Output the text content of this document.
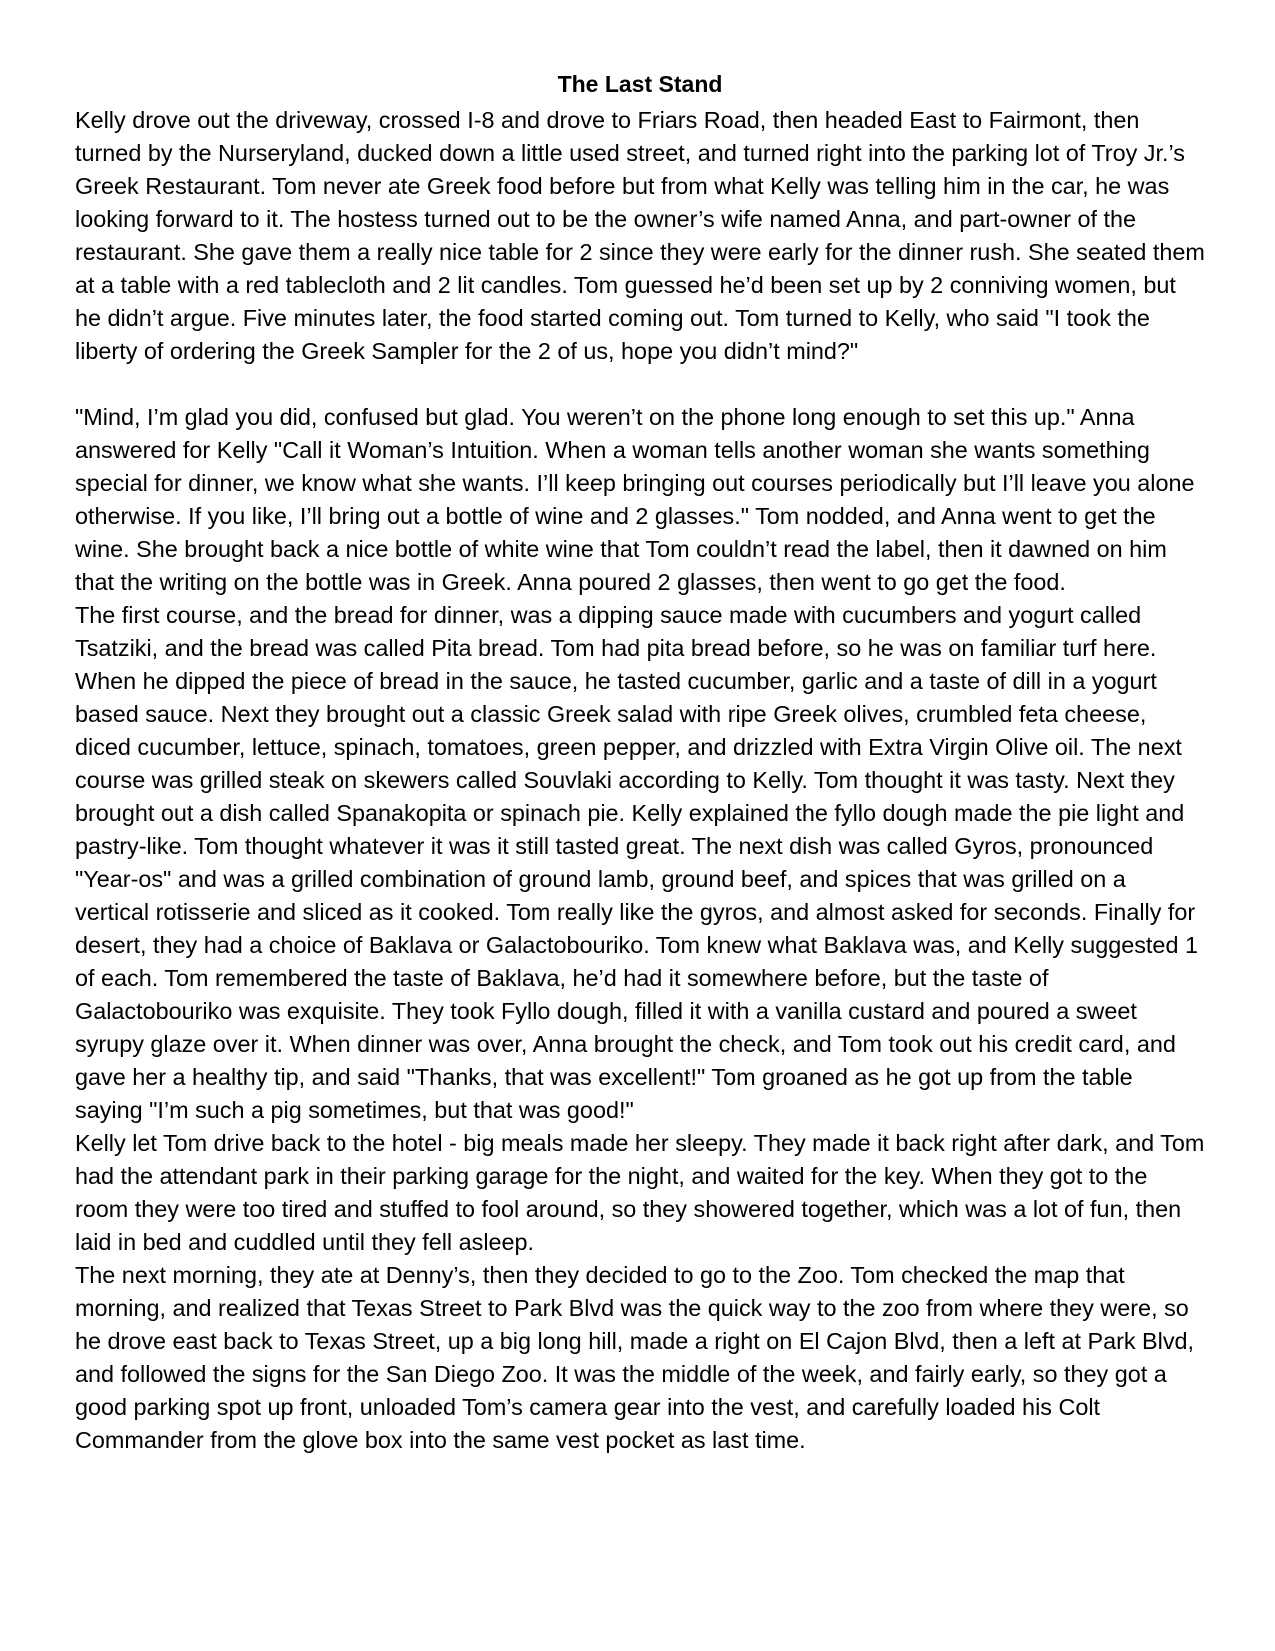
The Last Stand

Kelly drove out the driveway, crossed I-8 and drove to Friars Road, then headed East to Fairmont, then turned by the Nurseryland, ducked down a little used street, and turned right into the parking lot of Troy Jr.’s Greek Restaurant. Tom never ate Greek food before but from what Kelly was telling him in the car, he was looking forward to it. The hostess turned out to be the owner’s wife named Anna, and part-owner of the restaurant. She gave them a really nice table for 2 since they were early for the dinner rush. She seated them at a table with a red tablecloth and 2 lit candles. Tom guessed he’d been set up by 2 conniving women, but he didn’t argue. Five minutes later, the food started coming out. Tom turned to Kelly, who said "I took the liberty of ordering the Greek Sampler for the 2 of us, hope you didn’t mind?"

"Mind, I’m glad you did, confused but glad. You weren’t on the phone long enough to set this up." Anna answered for Kelly "Call it Woman’s Intuition. When a woman tells another woman she wants something special for dinner, we know what she wants. I’ll keep bringing out courses periodically but I’ll leave you alone otherwise. If you like, I’ll bring out a bottle of wine and 2 glasses." Tom nodded, and Anna went to get the wine. She brought back a nice bottle of white wine that Tom couldn’t read the label, then it dawned on him that the writing on the bottle was in Greek. Anna poured 2 glasses, then went to go get the food.

The first course, and the bread for dinner, was a dipping sauce made with cucumbers and yogurt called Tsatziki, and the bread was called Pita bread. Tom had pita bread before, so he was on familiar turf here. When he dipped the piece of bread in the sauce, he tasted cucumber, garlic and a taste of dill in a yogurt based sauce. Next they brought out a classic Greek salad with ripe Greek olives, crumbled feta cheese, diced cucumber, lettuce, spinach, tomatoes, green pepper, and drizzled with Extra Virgin Olive oil. The next course was grilled steak on skewers called Souvlaki according to Kelly. Tom thought it was tasty. Next they brought out a dish called Spanakopita or spinach pie. Kelly explained the fyllo dough made the pie light and pastry-like. Tom thought whatever it was it still tasted great. The next dish was called Gyros, pronounced "Year-os" and was a grilled combination of ground lamb, ground beef, and spices that was grilled on a vertical rotisserie and sliced as it cooked. Tom really like the gyros, and almost asked for seconds. Finally for desert, they had a choice of Baklava or Galactobouriko. Tom knew what Baklava was, and Kelly suggested 1 of each. Tom remembered the taste of Baklava, he’d had it somewhere before, but the taste of Galactobouriko was exquisite. They took Fyllo dough, filled it with a vanilla custard and poured a sweet syrupy glaze over it. When dinner was over, Anna brought the check, and Tom took out his credit card, and gave her a healthy tip, and said "Thanks, that was excellent!" Tom groaned as he got up from the table saying "I’m such a pig sometimes, but that was good!"

Kelly let Tom drive back to the hotel - big meals made her sleepy. They made it back right after dark, and Tom had the attendant park in their parking garage for the night, and waited for the key. When they got to the room they were too tired and stuffed to fool around, so they showered together, which was a lot of fun, then laid in bed and cuddled until they fell asleep.

The next morning, they ate at Denny’s, then they decided to go to the Zoo. Tom checked the map that morning, and realized that Texas Street to Park Blvd was the quick way to the zoo from where they were, so he drove east back to Texas Street, up a big long hill, made a right on El Cajon Blvd, then a left at Park Blvd, and followed the signs for the San Diego Zoo. It was the middle of the week, and fairly early, so they got a good parking spot up front, unloaded Tom’s camera gear into the vest, and carefully loaded his Colt Commander from the glove box into the same vest pocket as last time.
